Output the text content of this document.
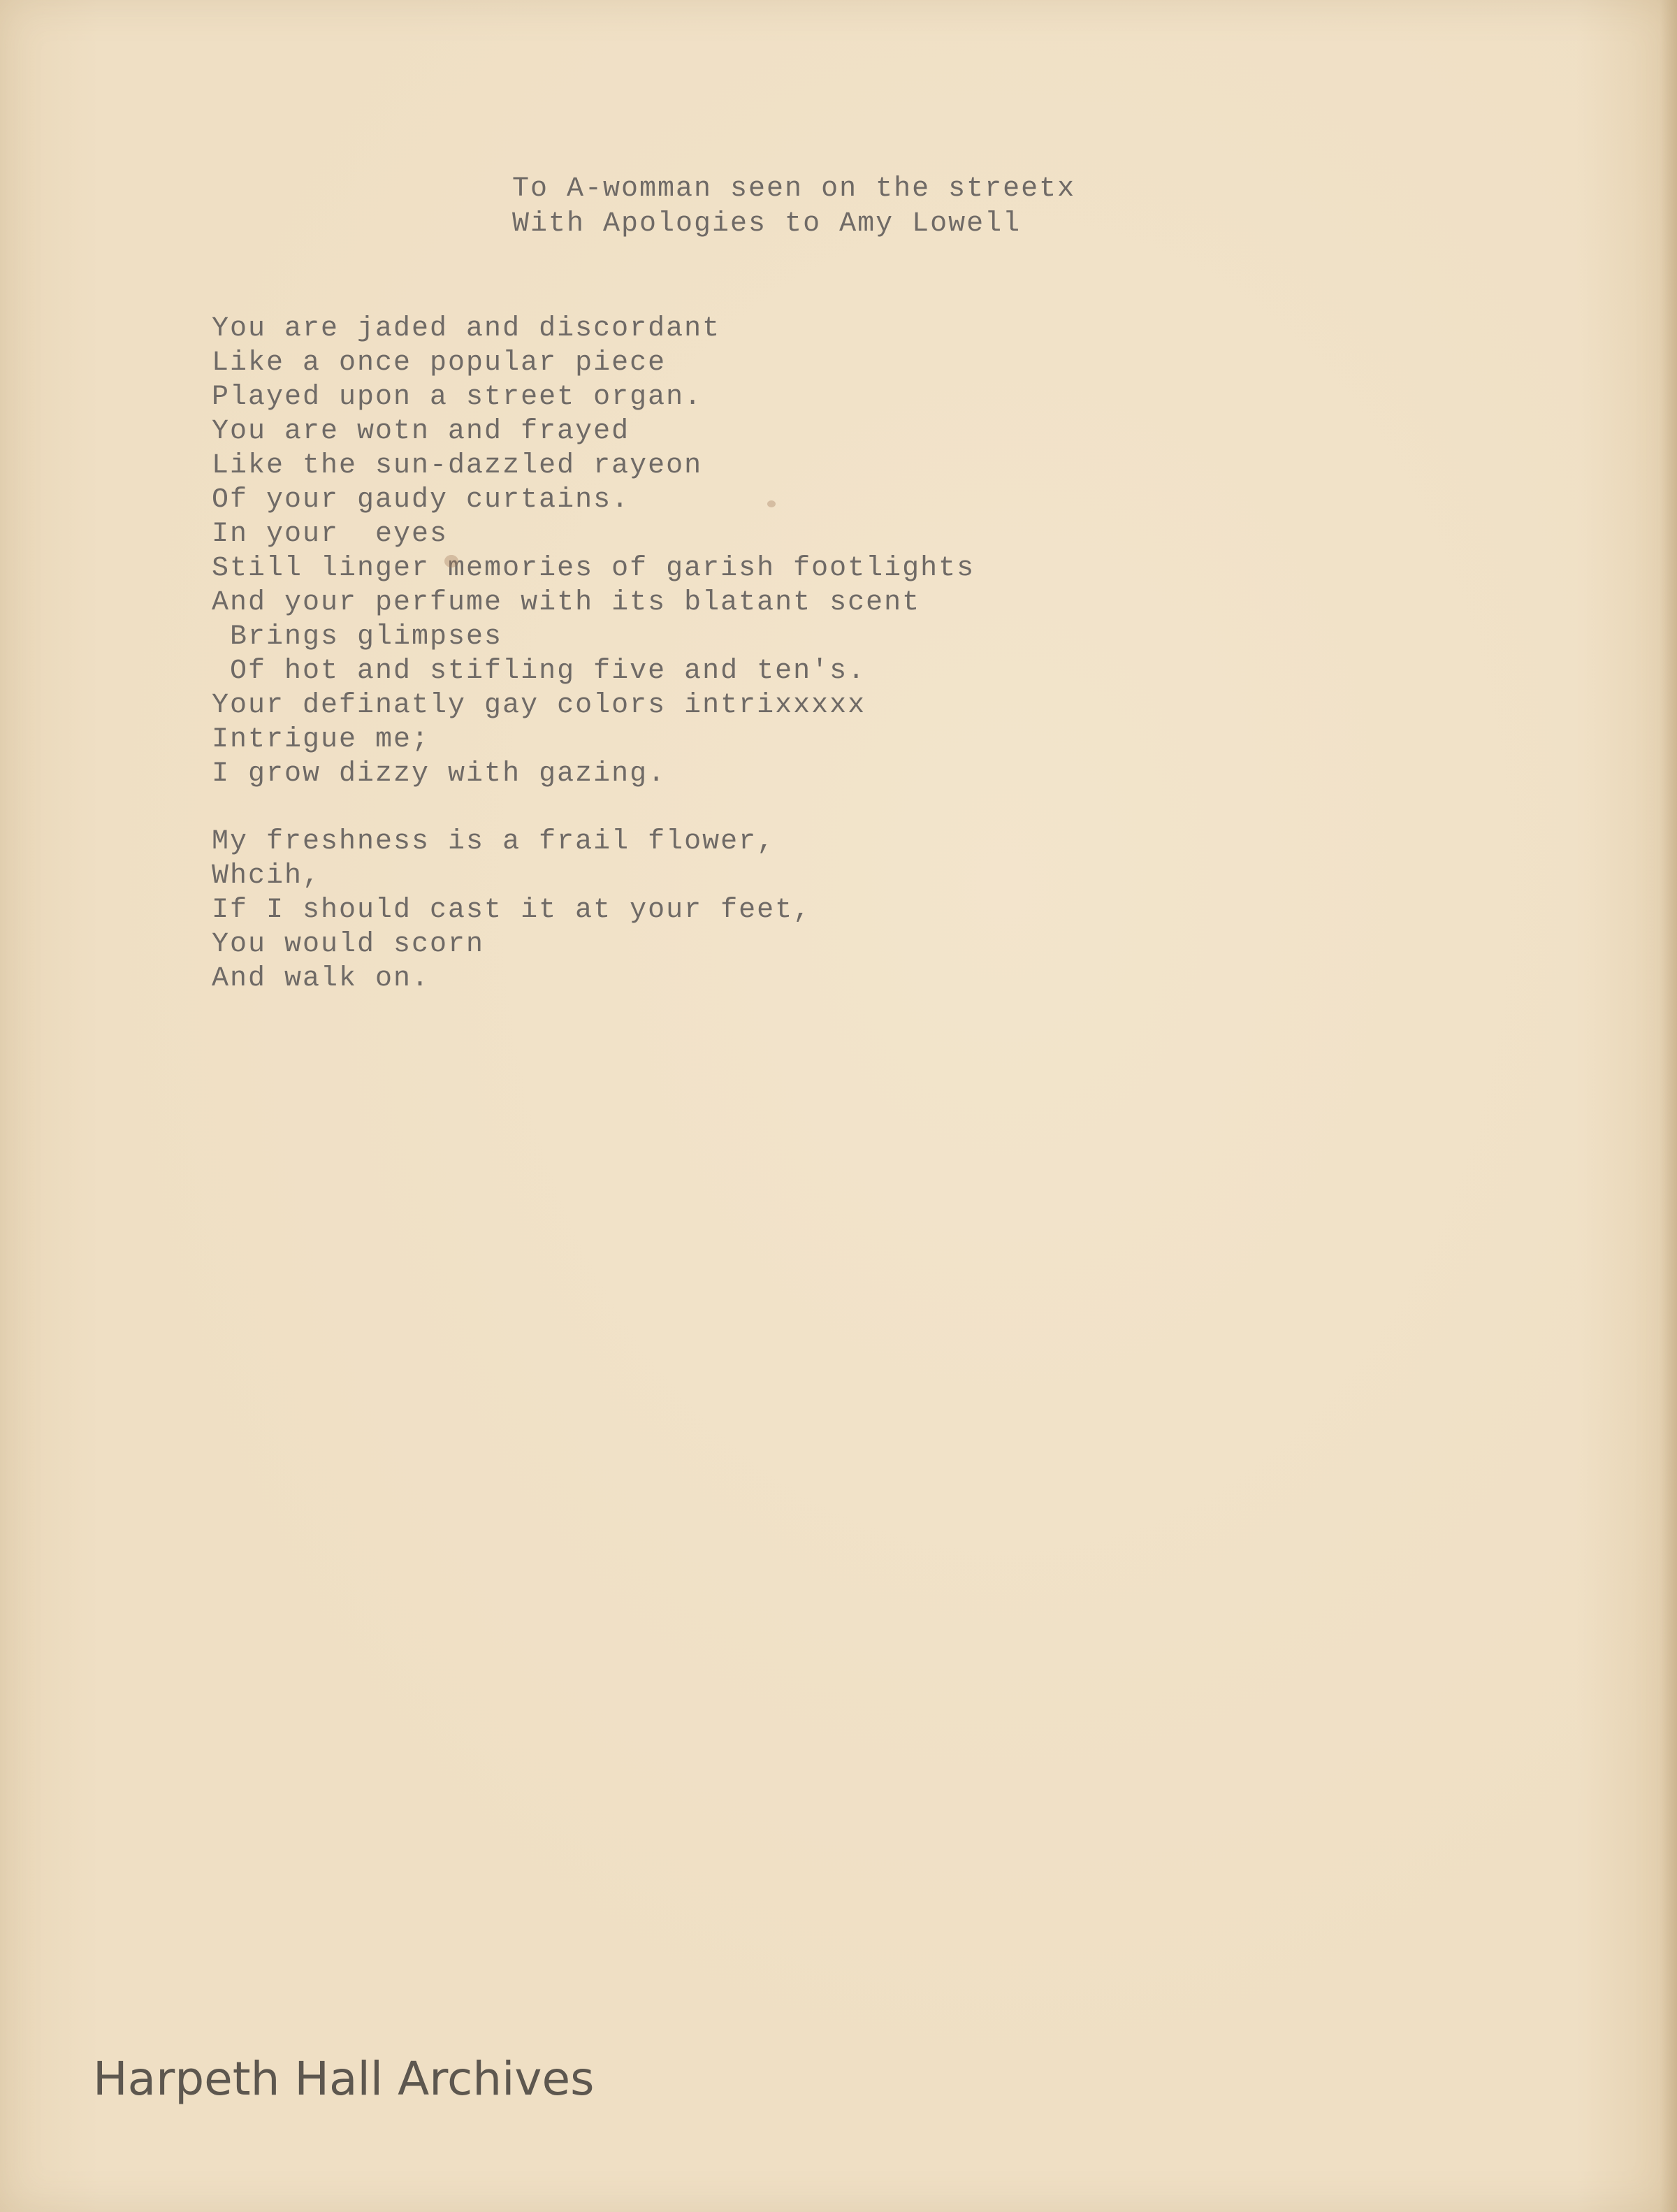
To A-womman seen on the streetx
With Apologies to Amy Lowell
You are jaded and discordant
Like a once popular piece
Played upon a street organ.
You are wotn and frayed
Like the sun-dazzled rayeon
Of your gaudy curtains.
In your  eyes
Still linger memories of garish footlights
And your perfume with its blatant scent
Brings glimpses
Of hot and stifling five and ten's.
Your definatly gay colors intrixxxxx
Intrigue me;
I grow dizzy with gazing.
My freshness is a frail flower,
Whcih,
If I should cast it at your feet,
You would scorn
And walk on.
Harpeth Hall Archives
